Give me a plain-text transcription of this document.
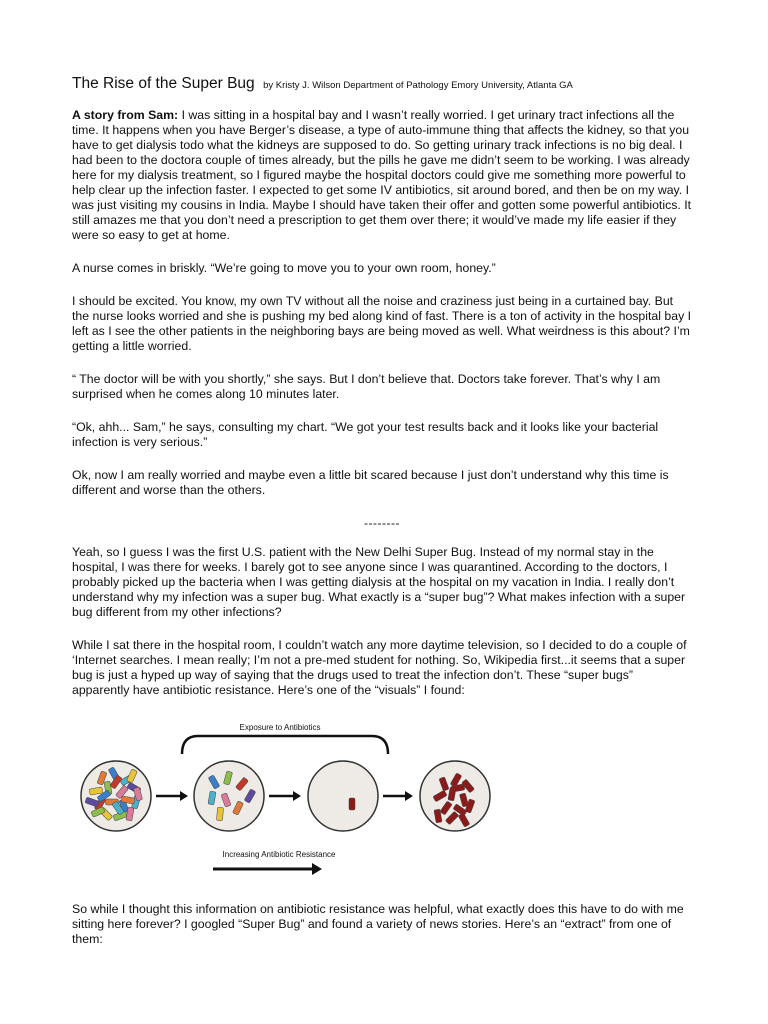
The Rise of the Super Bug by Kristy J. Wilson Department of Pathology Emory University, Atlanta GA

A story from Sam: I was sitting in a hospital bay and I wasn’t really worried. I get urinary tract infections all the time. It happens when you have Berger’s disease, a type of auto-immune thing that affects the kidney, so that you have to get dialysis todo what the kidneys are supposed to do. So getting urinary track infections is no big deal. I had been to the doctora couple of times already, but the pills he gave me didn’t seem to be working. I was already here for my dialysis treatment, so I figured maybe the hospital doctors could give me something more powerful to help clear up the infection faster. I expected to get some IV antibiotics, sit around bored, and then be on my way. I was just visiting my cousins in India. Maybe I should have taken their offer and gotten some powerful antibiotics. It still amazes me that you don’t need a prescription to get them over there; it would’ve made my life easier if they were so easy to get at home.

A nurse comes in briskly. “We’re going to move you to your own room, honey.”

I should be excited. You know, my own TV without all the noise and craziness just being in a curtained bay. But the nurse looks worried and she is pushing my bed along kind of fast. There is a ton of activity in the hospital bay I left as I see the other patients in the neighboring bays are being moved as well. What weirdness is this about? I’m getting a little worried.

“ The doctor will be with you shortly,” she says. But I don’t believe that. Doctors take forever. That’s why I am surprised when he comes along 10 minutes later.

“Ok, ahh... Sam,” he says, consulting my chart. “We got your test results back and it looks like your bacterial infection is very serious.”

Ok, now I am really worried and maybe even a little bit scared because I just don’t understand why this time is different and worse than the others.

--------

Yeah, so I guess I was the first U.S. patient with the New Delhi Super Bug. Instead of my normal stay in the hospital, I was there for weeks. I barely got to see anyone since I was quarantined. According to the doctors, I probably picked up the bacteria when I was getting dialysis at the hospital on my vacation in India. I really don’t understand why my infection was a super bug. What exactly is a “super bug”? What makes infection with a super bug different from my other infections?

While I sat there in the hospital room, I couldn’t watch any more daytime television, so I decided to do a couple of ‘Internet searches. I mean really; I’m not a pre-med student for nothing. So, Wikipedia first...it seems that a super bug is just a hyped up way of saying that the drugs used to treat the infection don’t. These “super bugs” apparently have antibiotic resistance. Here’s one of the “visuals” I found:

Exposure to Antibiotics
Increasing Antibiotic Resistance

So while I thought this information on antibiotic resistance was helpful, what exactly does this have to do with me sitting here forever? I googled “Super Bug” and found a variety of news stories. Here’s an “extract” from one of them:
